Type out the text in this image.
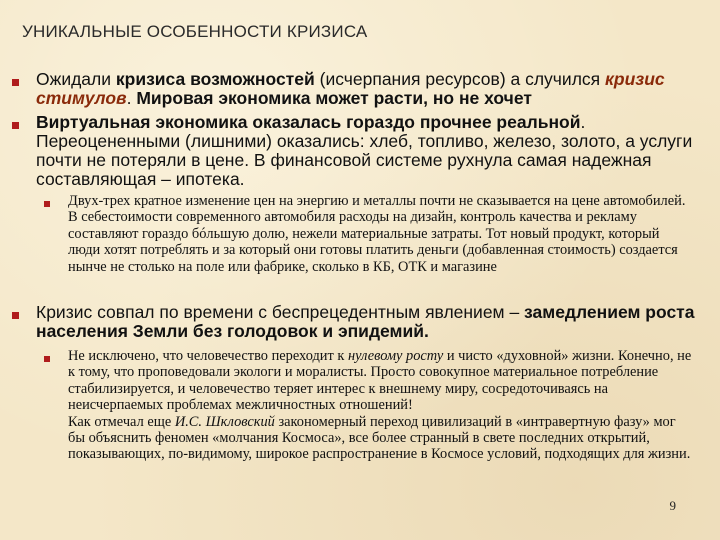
УНИКАЛЬНЫЕ ОСОБЕННОСТИ КРИЗИСА
Ожидали кризиса возможностей (исчерпания ресурсов) а случился кризис стимулов. Мировая экономика может расти, но не хочет
Виртуальная экономика оказалась гораздо прочнее реальной. Переоцененными (лишними) оказались: хлеб, топливо, железо, золото, а услуги почти не потеряли в цене. В финансовой системе рухнула самая надежная составляющая – ипотека.
Двух-трех кратное изменение цен на энергию и металлы почти не сказывается на цене автомобилей. В себестоимости современного автомобиля расходы на дизайн, контроль качества и рекламу составляют гораздо бóльшую долю, нежели материальные затраты. Тот новый продукт, который люди хотят потреблять и за который они готовы платить деньги (добавленная стоимость) создается нынче не столько на поле или фабрике, сколько в КБ, ОТК и магазине
Кризис совпал по времени с беспрецедентным явлением – замедлением роста населения Земли без голодовок и эпидемий.
Не исключено, что человечество переходит к нулевому росту и чисто «духовной» жизни. Конечно, не к тому, что проповедовали экологи и моралисты. Просто совокупное материальное потребление стабилизируется, и человечество теряет интерес к внешнему миру, сосредоточиваясь на неисчерпаемых проблемах межличностных отношений!
Как отмечал еще И.С. Шкловский закономерный переход цивилизаций в «интравертную фазу» мог бы объяснить феномен «молчания Космоса», все более странный в свете последних открытий, показывающих, по-видимому, широкое распространение в Космосе условий, подходящих для жизни.
9
